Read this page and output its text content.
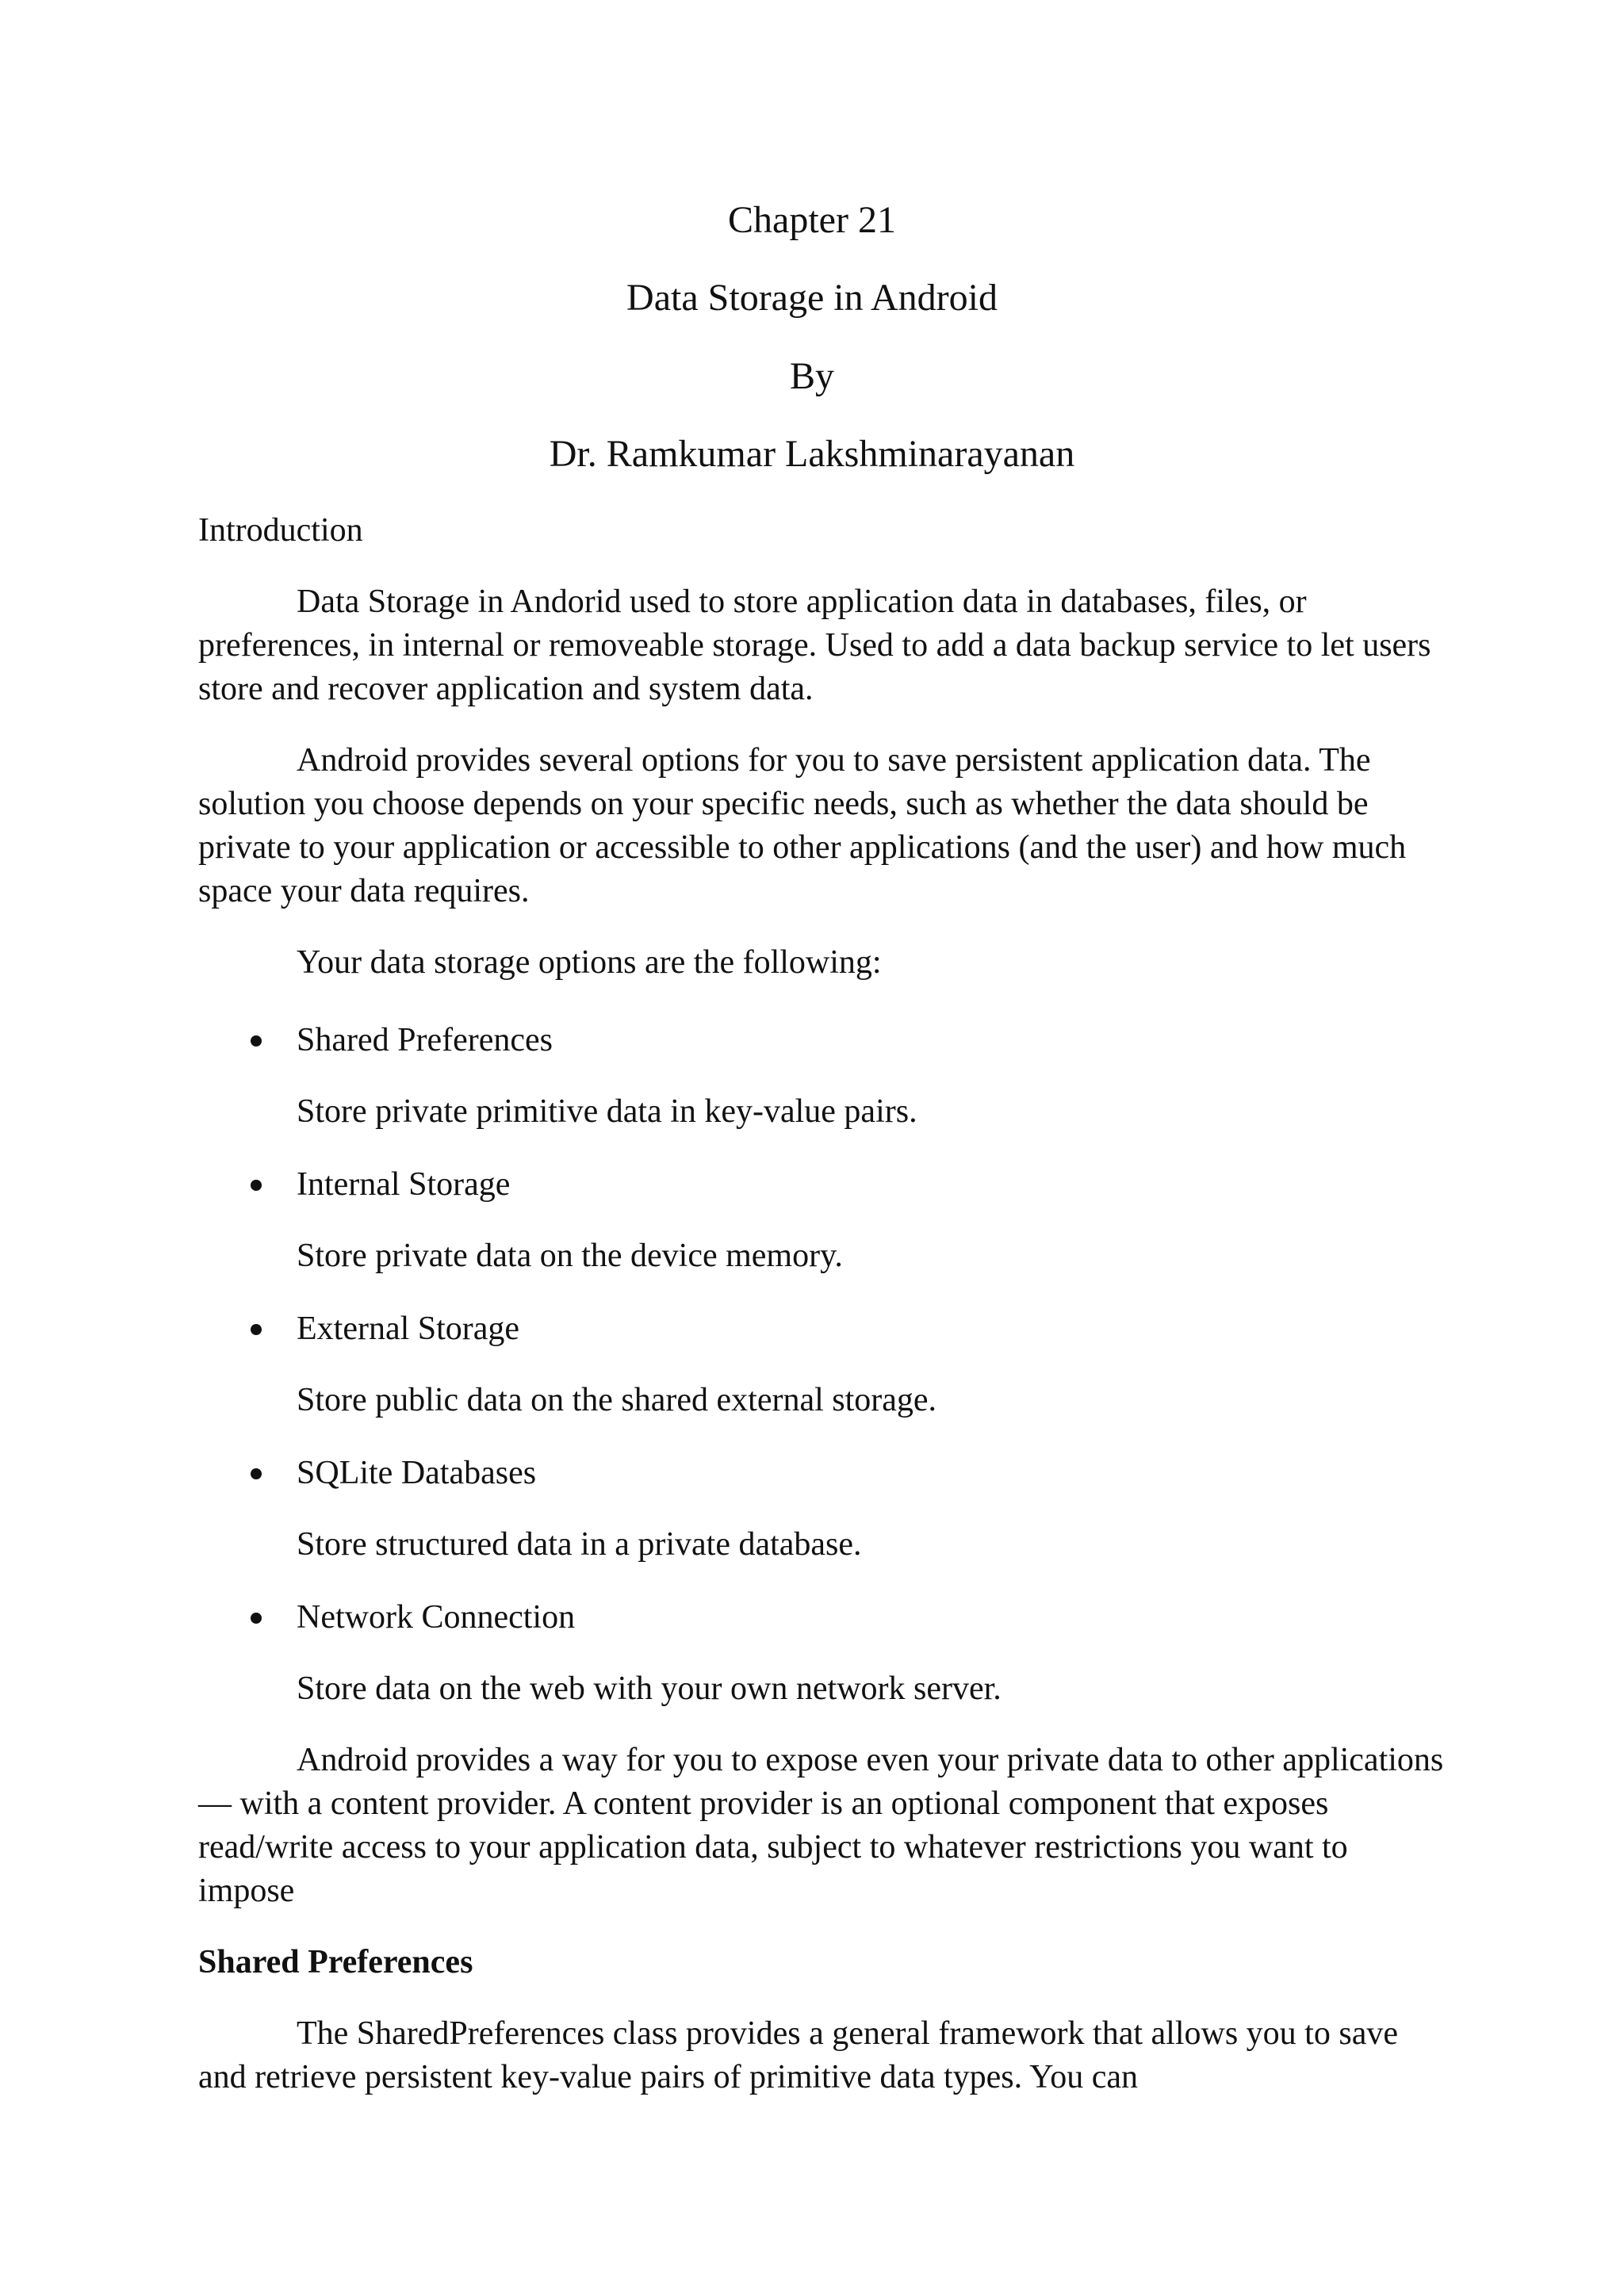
Chapter 21
Data Storage in Android
By
Dr. Ramkumar Lakshminarayanan
Introduction
Data Storage in Andorid used to store application data in databases, files, or
preferences, in internal or removeable storage. Used to add a data backup service to let users
store and recover application and system data.
Android provides several options for you to save persistent application data. The
solution you choose depends on your specific needs, such as whether the data should be
private to your application or accessible to other applications (and the user) and how much
space your data requires.
Your data storage options are the following:
Shared Preferences
Store private primitive data in key-value pairs.
Internal Storage
Store private data on the device memory.
External Storage
Store public data on the shared external storage.
SQLite Databases
Store structured data in a private database.
Network Connection
Store data on the web with your own network server.
Android provides a way for you to expose even your private data to other applications
— with a content provider. A content provider is an optional component that exposes
read/write access to your application data, subject to whatever restrictions you want to
impose
Shared Preferences
The SharedPreferences class provides a general framework that allows you to save
and retrieve persistent key-value pairs of primitive data types. You can
